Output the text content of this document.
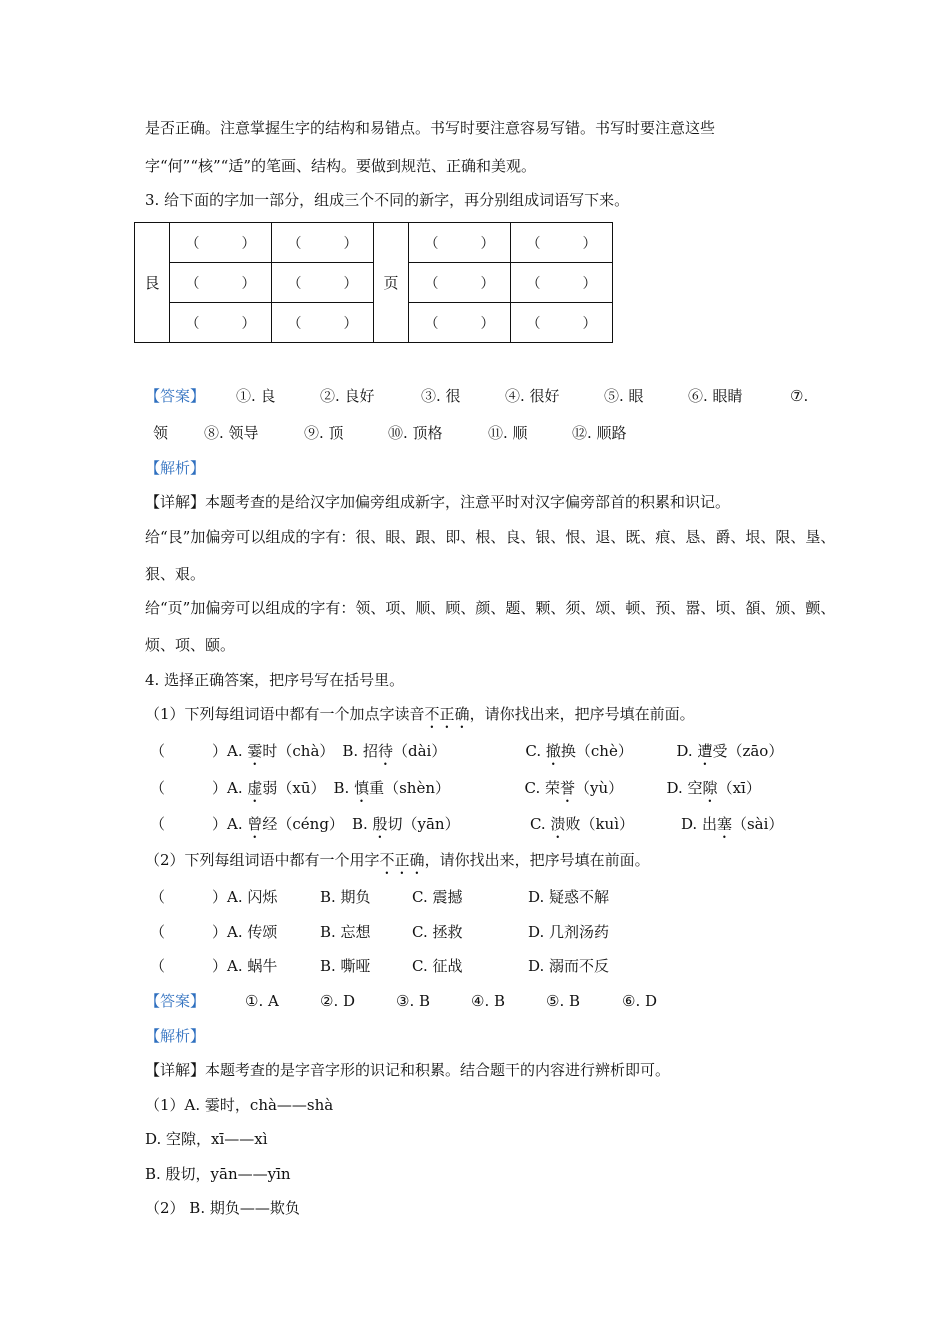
是否正确。注意掌握生字的结构和易错点。书写时要注意容易写错。书写时要注意这些
字“何”“核”“适”的笔画、结构。要做到规范、正确和美观。
3. 给下面的字加一部分，组成三个不同的新字，再分别组成词语写下来。
艮	（ ）	（ ）	页	（ ）	（ ）

	（ ）	（ ）		（ ）	（ ）

	（ ）	（ ）		（ ）	（ ）
【答案】 ①. 良	②. 良好	③. 很	④. 很好	⑤. 眼	⑥. 眼睛	⑦.
领 ⑧. 领导	⑨. 顶	⑩. 顶格	⑪. 顺	⑫. 顺路
【解析】
【详解】本题考查的是给汉字加偏旁组成新字，注意平时对汉字偏旁部首的积累和识记。
给“艮”加偏旁可以组成的字有：很、眼、跟、即、根、良、银、恨、退、既、痕、恳、爵、垠、限、垦、
狠、艰。
给“页”加偏旁可以组成的字有：领、项、顺、顾、颜、题、颗、须、颂、顿、预、嚣、顷、頟、颁、颤、
烦、项、颐。
4. 选择正确答案，把序号写在括号里。
（1）下列每组词语中都有一个加点字读音不正确，请你找出来，把序号填在前面。
（	）A. 霎时（chà） B. 招待（dài）	C. 撤换（chè）	D. 遭受（zāo）
（	）A. 虚弱（xū） B. 慎重（shèn）	C. 荣誉（yù）	D. 空隙（xī）
（	）A. 曾经（céng） B. 殷切（yān）	C. 溃败（kuì）	D. 出塞（sài）
（2）下列每组词语中都有一个用字不正确，请你找出来，把序号填在前面。
（	）A. 闪烁	B. 期负	C. 震撼	D. 疑惑不解
（	）A. 传颂	B. 忘想	C. 拯救	D. 几剂汤药
（	）A. 蜗牛	B. 嘶哑	C. 征战	D. 溺而不反
【答案】	①. A	②. D	③. B	④. B	⑤. B	⑥. D
【解析】
【详解】本题考查的是字音字形的识记和积累。结合题干的内容进行辨析即可。
（1）A. 霎时，chà——shà
D. 空隙，xī——xì
B. 殷切，yān——yīn
（2） B. 期负——欺负
